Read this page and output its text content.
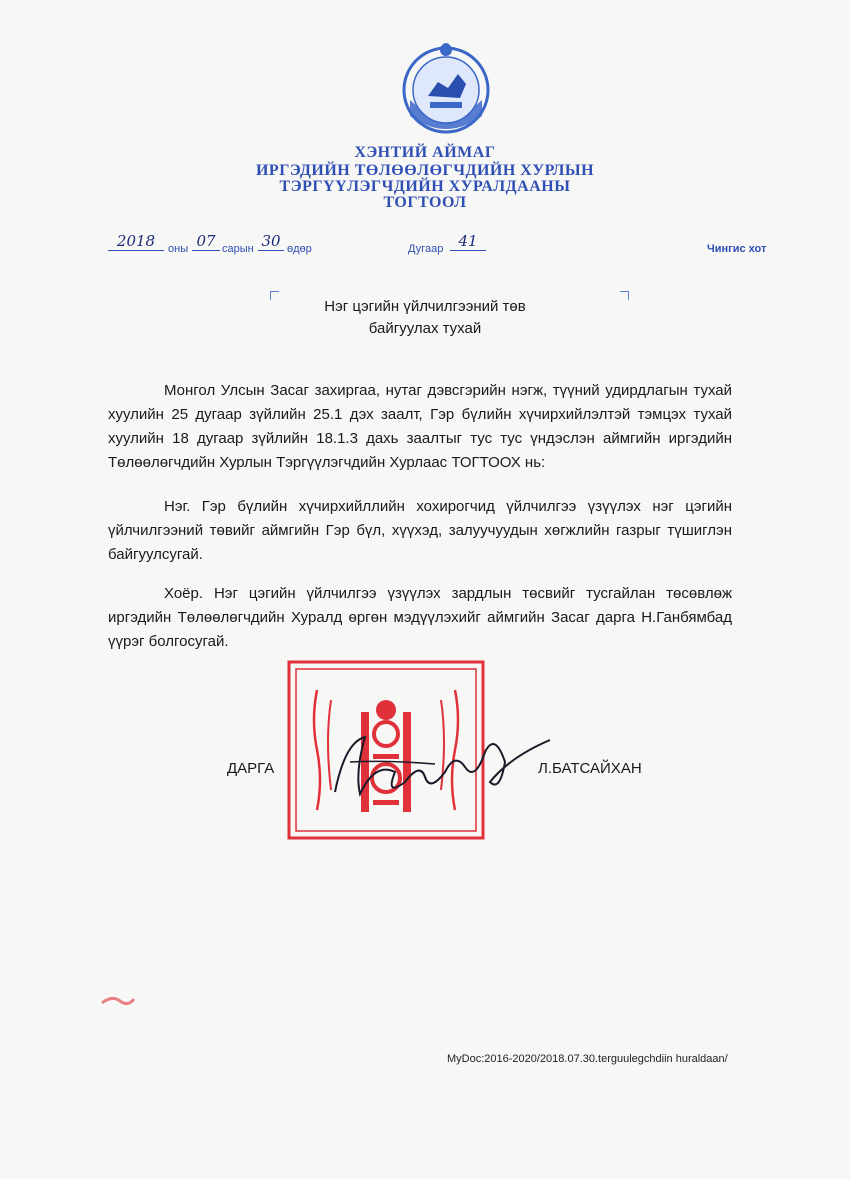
ХЭНТИЙ АЙМАГ
ИРГЭДИЙН ТӨЛӨӨЛӨГЧДИЙН ХУРЛЫН
ТЭРГҮҮЛЭГЧДИЙН ХУРАЛДААНЫ
ТОГТООЛ
2018	оны 07 сарын 30 өдөр	Дугаар	41	Чингис хот
Нэг цэгийн үйлчилгээний төв
байгуулах тухай
Монгол Улсын Засаг захиргаа, нутаг дэвсгэрийн нэгж, түүний удирдлагын тухай хуулийн 25 дугаар зүйлийн 25.1 дэх заалт, Гэр бүлийн хүчирхийлэлтэй тэмцэх тухай хуулийн 18 дугаар зүйлийн 18.1.3 дахь заалтыг тус тус үндэслэн аймгийн иргэдийн Төлөөлөгчдийн Хурлын Тэргүүлэгчдийн Хурлаас ТОГТООХ нь:
Нэг. Гэр бүлийн хүчирхийллийн хохирогчид үйлчилгээ үзүүлэх нэг цэгийн үйлчилгээний төвийг аймгийн Гэр бүл, хүүхэд, залуучуудын хөгжлийн газрыг түшиглэн байгуулсугай.
Хоёр. Нэг цэгийн үйлчилгээ үзүүлэх зардлын төсвийг тусгайлан төсөвлөж иргэдийн Төлөөлөгчдийн Хуралд өргөн мэдүүлэхийг аймгийн Засаг дарга Н.Ганбямбад үүрэг болгосугай.
ДАРГА	Л.БАТСАЙХАН
MyDoc:2016-2020/2018.07.30.terguulegchdiin huraldaan/
